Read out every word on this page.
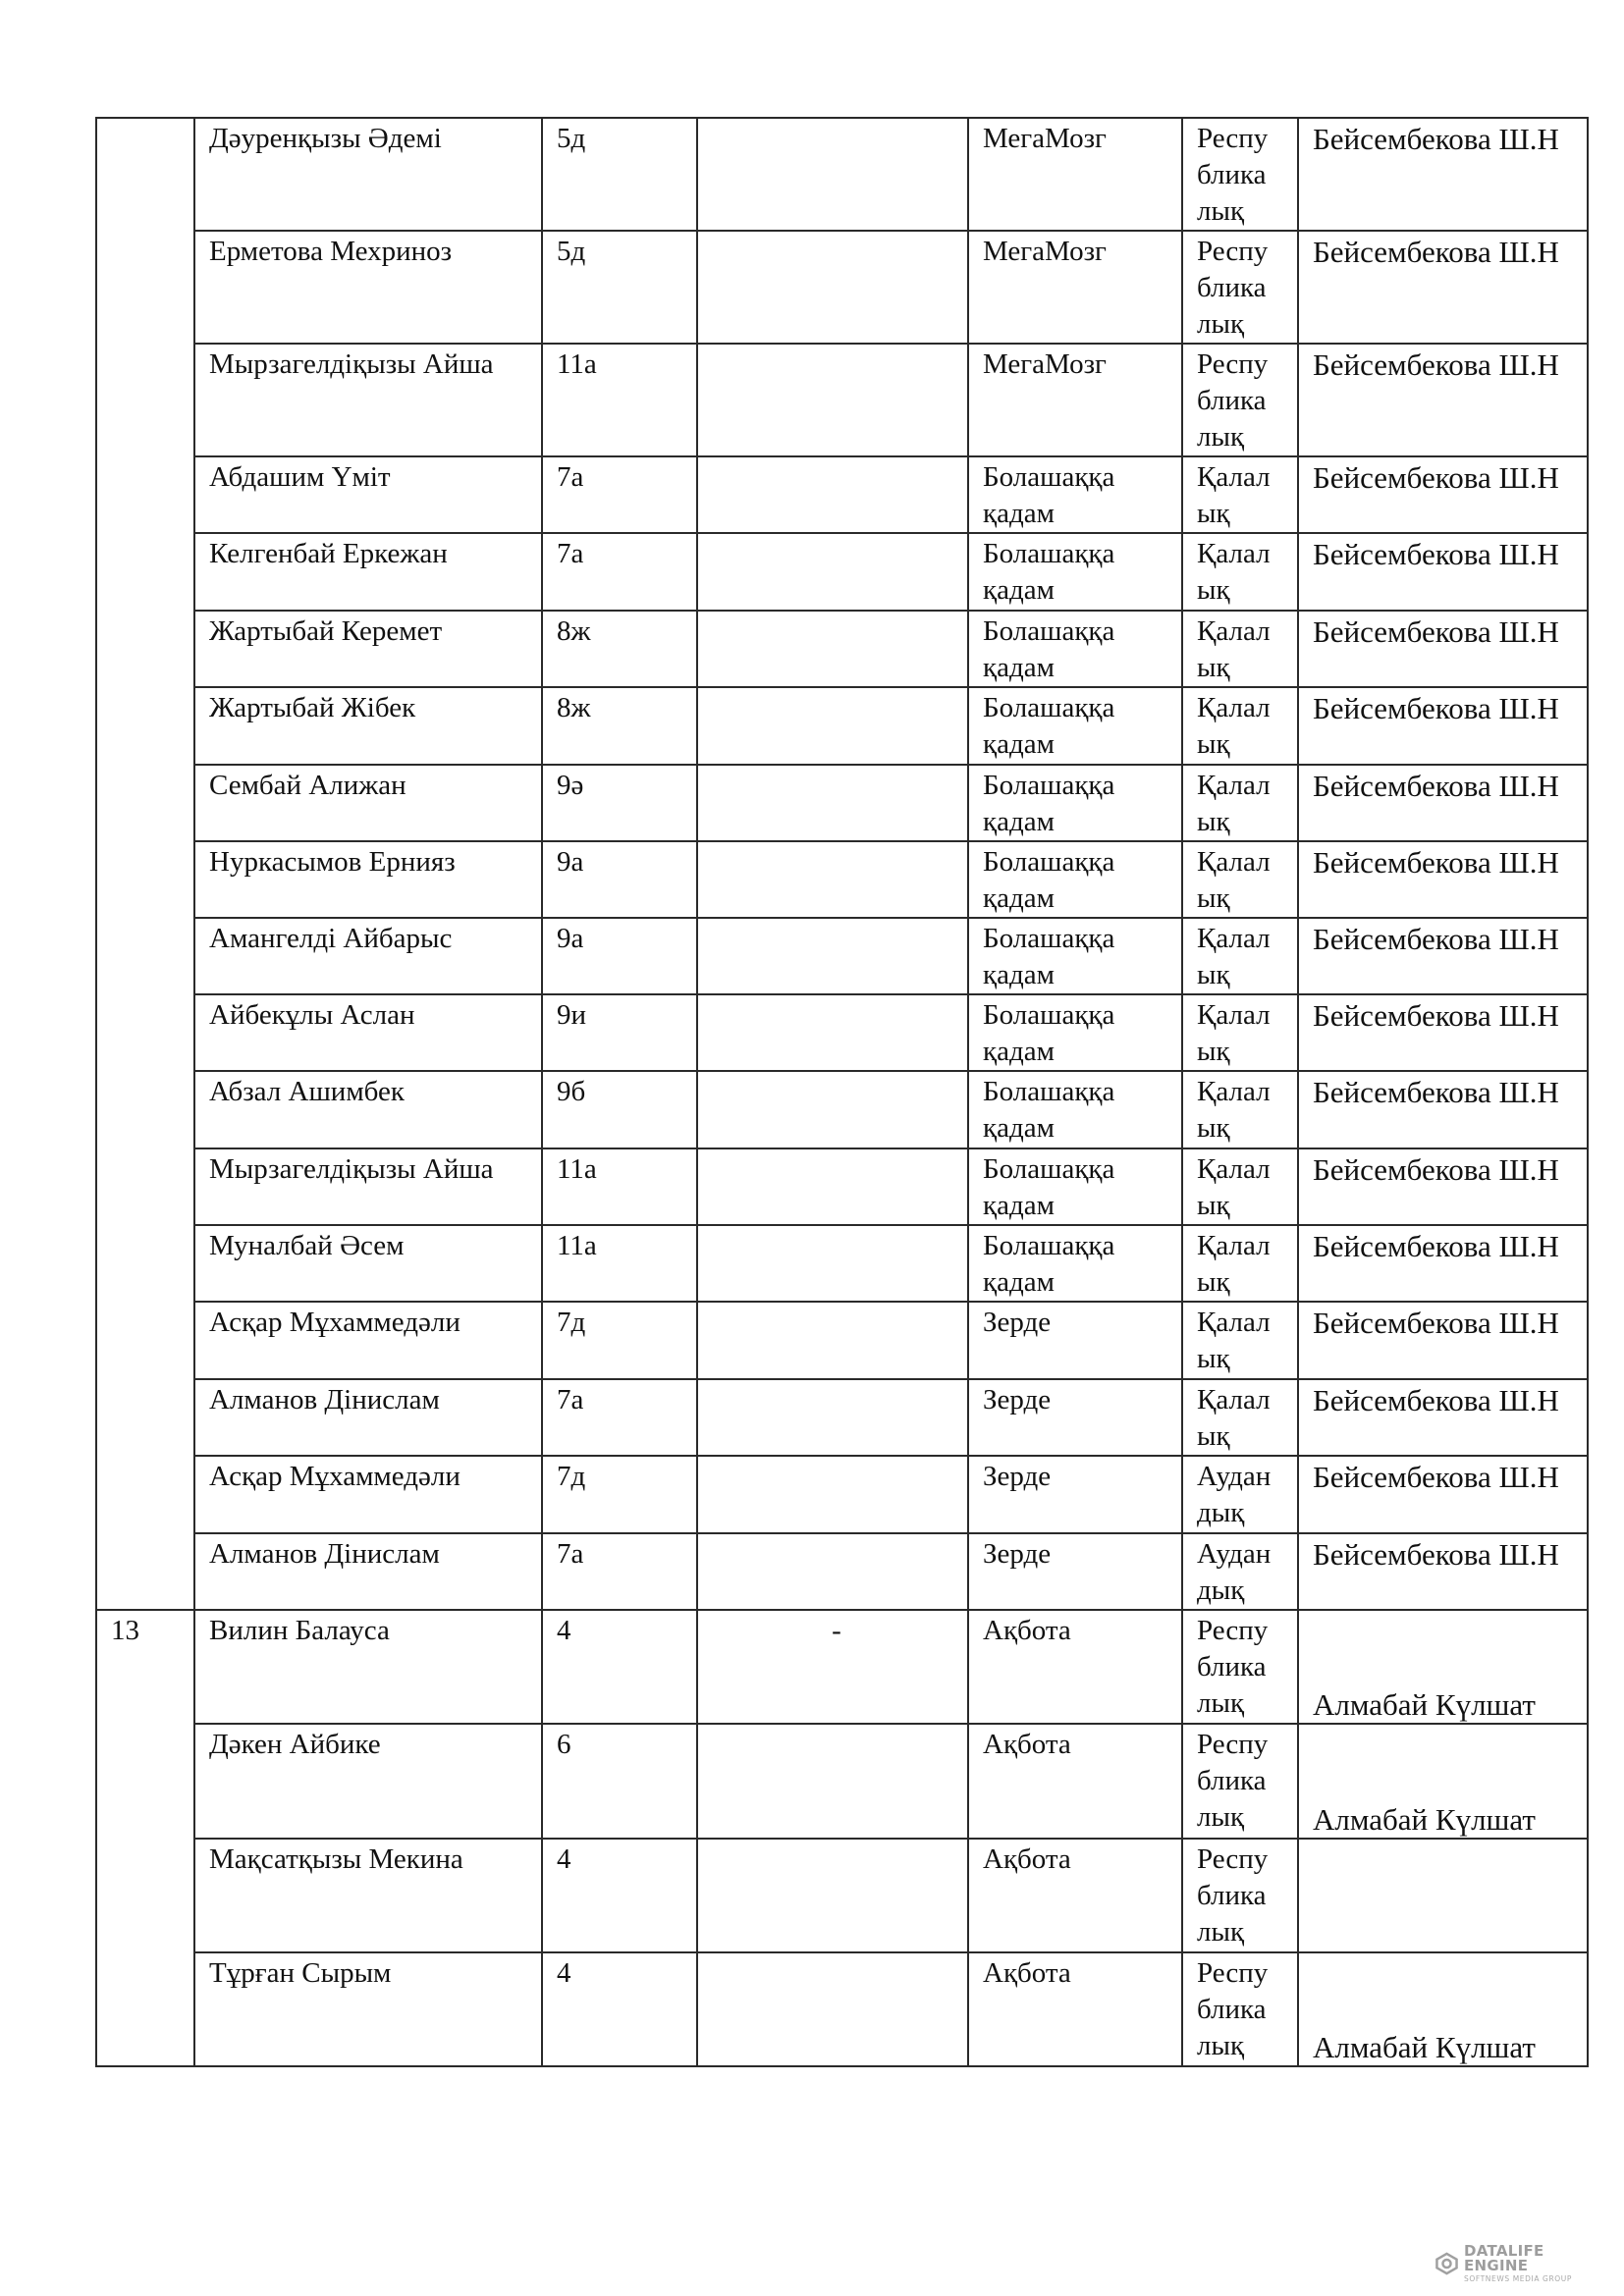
	Дəуренқызы Әдемі	5д		МегаМозг	Респу блика лық	Бейсембекова Ш.Н

	Ерметова Мехриноз	5д		МегаМозг	Респу блика лық	Бейсембекова Ш.Н

	Мырзагелдіқызы Айша	11а		МегаМозг	Респу блика лық	Бейсембекова Ш.Н

	Абдашим Үміт	7а		Болашаққа қадам	Қалал ық	Бейсембекова Ш.Н

	Келгенбай Еркежан	7а		Болашаққа қадам	Қалал ық	Бейсембекова Ш.Н

	Жартыбай Керемет	8ж		Болашаққа қадам	Қалал ық	Бейсембекова Ш.Н

	Жартыбай Жібек	8ж		Болашаққа қадам	Қалал ық	Бейсембекова Ш.Н

	Сембай Алижан	9ә		Болашаққа қадам	Қалал ық	Бейсембекова Ш.Н

	Нуркасымов Ернияз	9а		Болашаққа қадам	Қалал ық	Бейсембекова Ш.Н

	Амангелді Айбарыс	9а		Болашаққа қадам	Қалал ық	Бейсембекова Ш.Н

	Айбекұлы Аслан	9и		Болашаққа қадам	Қалал ық	Бейсембекова Ш.Н

	Абзал Ашимбек	9б		Болашаққа қадам	Қалал ық	Бейсембекова Ш.Н

	Мырзагелдіқызы Айша	11а		Болашаққа қадам	Қалал ық	Бейсембекова Ш.Н

	Муналбай Әсем	11а		Болашаққа қадам	Қалал ық	Бейсембекова Ш.Н

	Асқар Мұхаммедəли	7д		Зерде	Қалал ық	Бейсембекова Ш.Н

	Алманов Дінислам	7а		Зерде	Қалал ық	Бейсембекова Ш.Н

	Асқар Мұхаммедəли	7д		Зерде	Аудан дық	Бейсембекова Ш.Н

	Алманов Дінислам	7а		Зерде	Аудан дық	Бейсембекова Ш.Н

13	Вилин Балауса	4	-	Ақбота	Респу блика лық	Алмабай Күлшат

	Дәкен Айбике	6		Ақбота	Респу блика лық	Алмабай Күлшат

	Мақсатқызы Мекина	4		Ақбота	Респу блика лық	

	Тұрған Сырым	4		Ақбота	Респу блика лық	Алмабай Күлшат
DATALIFE ENGINE
SOFTNEWS MEDIA GROUP
